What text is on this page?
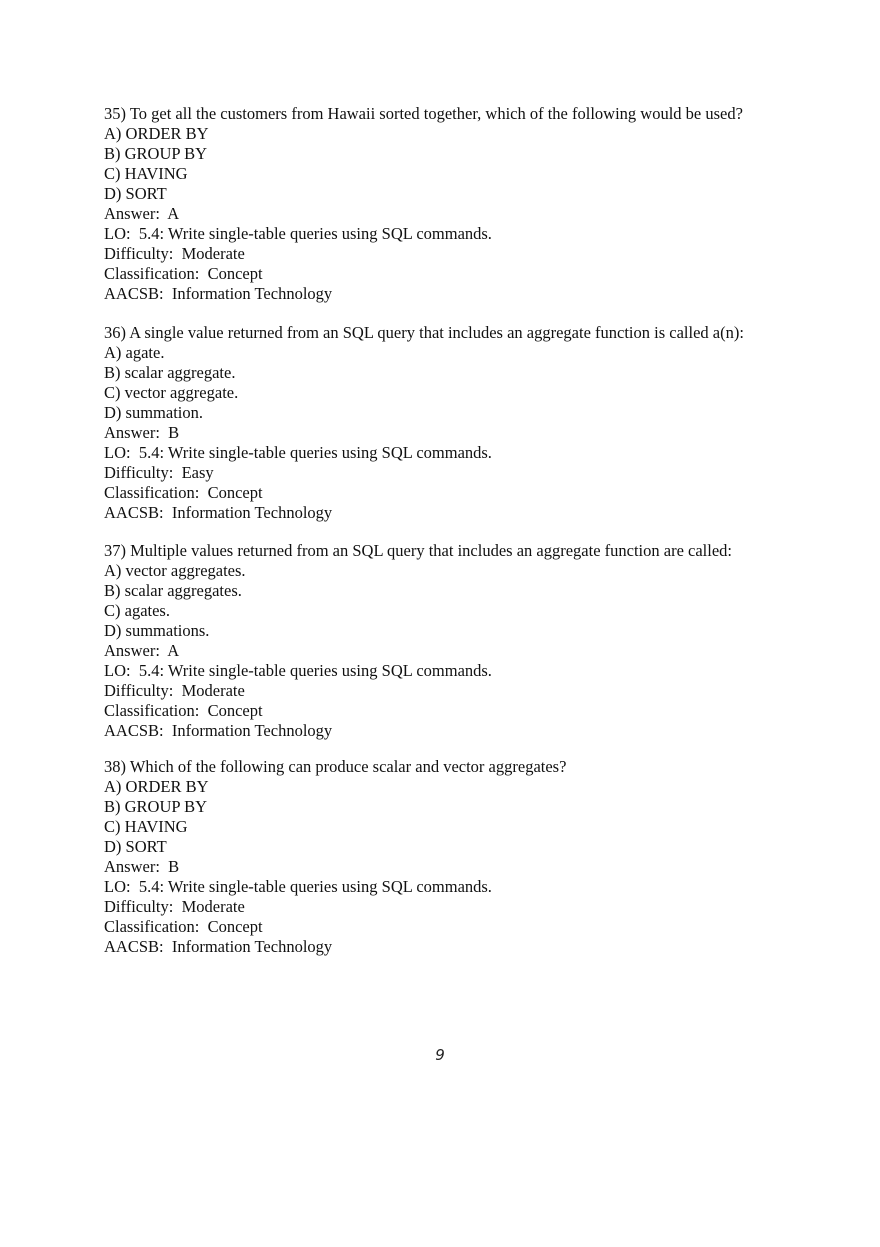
35) To get all the customers from Hawaii sorted together, which of the following would be used?
A) ORDER BY
B) GROUP BY
C) HAVING
D) SORT
Answer:  A
LO:  5.4: Write single-table queries using SQL commands.
Difficulty:  Moderate
Classification:  Concept
AACSB:  Information Technology
36) A single value returned from an SQL query that includes an aggregate function is called a(n):
A) agate.
B) scalar aggregate.
C) vector aggregate.
D) summation.
Answer:  B
LO:  5.4: Write single-table queries using SQL commands.
Difficulty:  Easy
Classification:  Concept
AACSB:  Information Technology
37) Multiple values returned from an SQL query that includes an aggregate function are called:
A) vector aggregates.
B) scalar aggregates.
C) agates.
D) summations.
Answer:  A
LO:  5.4: Write single-table queries using SQL commands.
Difficulty:  Moderate
Classification:  Concept
AACSB:  Information Technology
38) Which of the following can produce scalar and vector aggregates?
A) ORDER BY
B) GROUP BY
C) HAVING
D) SORT
Answer:  B
LO:  5.4: Write single-table queries using SQL commands.
Difficulty:  Moderate
Classification:  Concept
AACSB:  Information Technology
9
